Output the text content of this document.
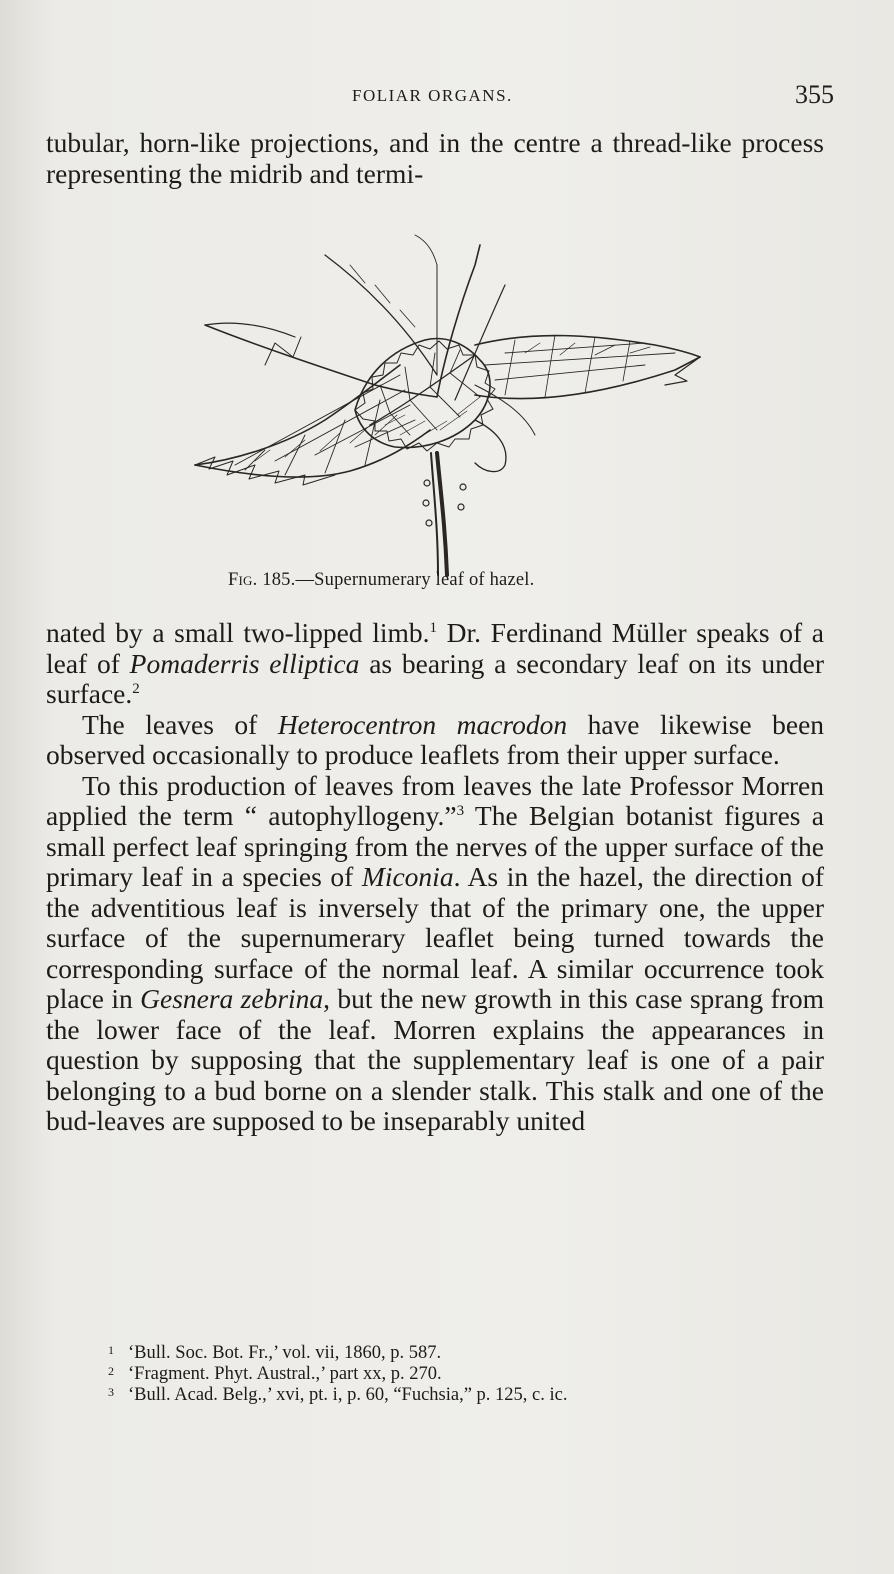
FOLIAR ORGANS.	355

tubular, horn-like projections, and in the centre a thread-like process representing the midrib and termi-

Fig. 185.—Supernumerary leaf of hazel.

nated by a small two-lipped limb.$^1$ Dr. Ferdinand Müller speaks of a leaf of Pomaderris elliptica as bearing a secondary leaf on its under surface.$^2$

The leaves of Heterocentron macrodon have likewise been observed occasionally to produce leaflets from their upper surface.

To this production of leaves from leaves the late Professor Morren applied the term “ autophyllogeny.”$^3$ The Belgian botanist figures a small perfect leaf springing from the nerves of the upper surface of the primary leaf in a species of Miconia. As in the hazel, the direction of the adventitious leaf is inversely that of the primary one, the upper surface of the supernumerary leaflet being turned towards the corresponding surface of the normal leaf. A similar occurrence took place in Gesnera zebrina, but the new growth in this case sprang from the lower face of the leaf. Morren explains the appearances in question by supposing that the supplementary leaf is one of a pair belonging to a bud borne on a slender stalk. This stalk and one of the bud-leaves are supposed to be inseparably united

1 ‘Bull. Soc. Bot. Fr.,’ vol. vii, 1860, p. 587.
2 ‘Fragment. Phyt. Austral.,’ part xx, p. 270.
3 ‘Bull. Acad. Belg.,’ xvi, pt. i, p. 60, “Fuchsia,” p. 125, c. ic.
